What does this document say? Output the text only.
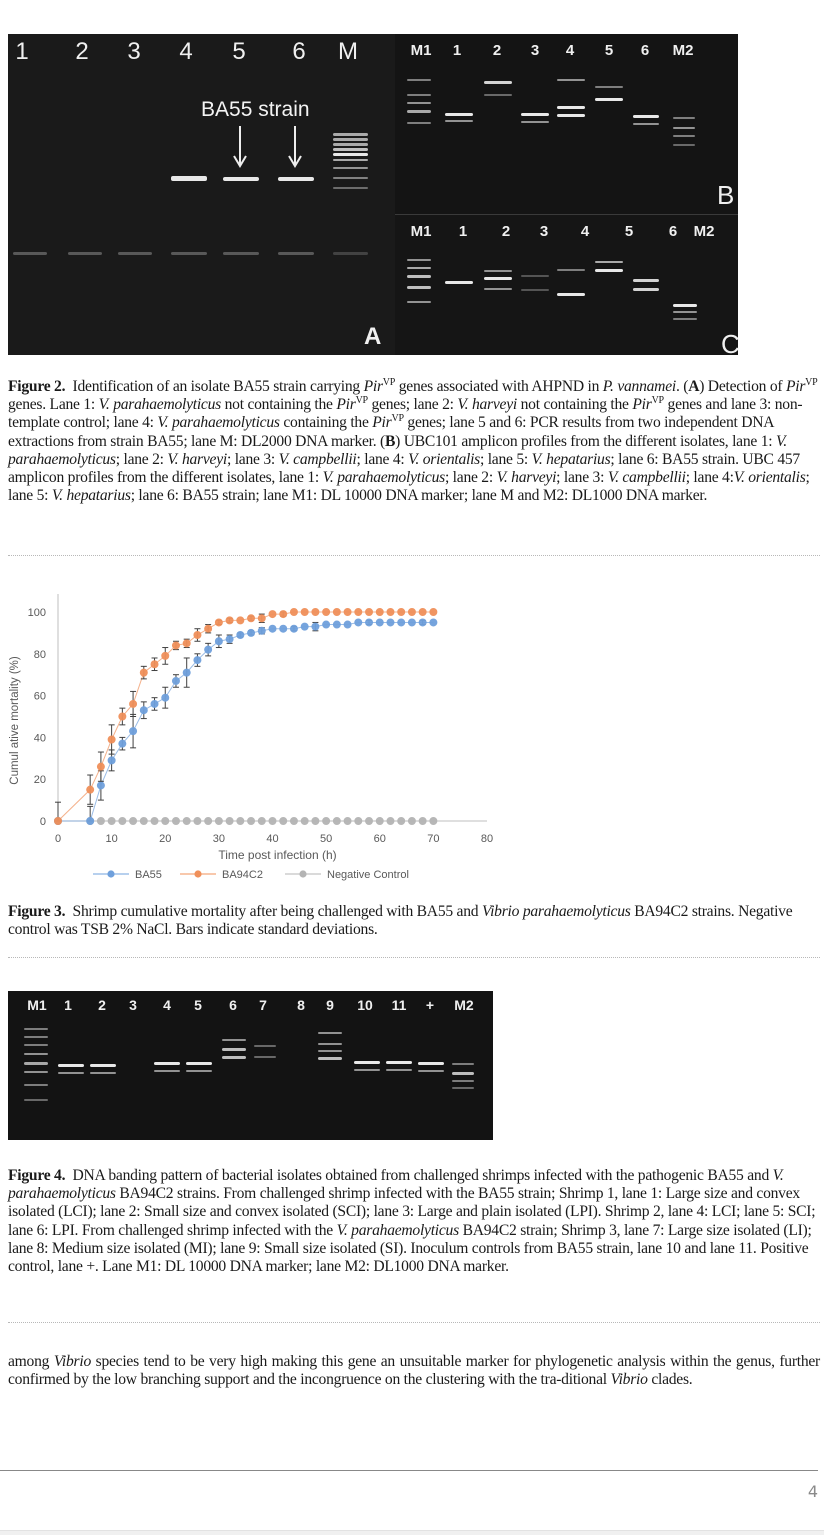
1	2	3	4	5	6	M
BA55 strain
A
M1	1	2	3	4	5	6	M2
B
M1	1	2	3	4	5	6	M2
C
Figure 2. Identification of an isolate BA55 strain carrying Pir$^{VP}$ genes associated with AHPND in P. vannamei. (A) Detection of Pir$^{VP}$ genes. Lane 1: V. parahaemolyticus not containing the Pir$^{VP}$ genes; lane 2: V. harveyi not containing the Pir$^{VP}$ genes and lane 3: non-template control; lane 4: V. parahaemolyticus containing the Pir$^{VP}$ genes; lane 5 and 6: PCR results from two independent DNA extractions from strain BA55; lane M: DL2000 DNA marker. (B) UBC101 amplicon profiles from the different isolates, lane 1: V. parahaemolyticus; lane 2: V. harveyi; lane 3: V. campbellii; lane 4: V. orientalis; lane 5: V. hepatarius; lane 6: BA55 strain. UBC 457 amplicon profiles from the different isolates, lane 1: V. parahaemolyticus; lane 2: V. harveyi; lane 3: V. campbellii; lane 4:V. orientalis; lane 5: V. hepatarius; lane 6: BA55 strain; lane M1: DL 10000 DNA marker; lane M and M2: DL1000 DNA marker.
0
20
40
60
80
100
0	10	20	30	40	50	60	70	80
Time post infection (h)
Cumul ative mortality (%)
BA55	BA94C2	Negative Control
Figure 3. Shrimp cumulative mortality after being challenged with BA55 and Vibrio parahaemolyticus BA94C2 strains. Negative control was TSB 2% NaCl. Bars indicate standard deviations.
M1	1	2	3	4	5	6	7	8	9	10	11	+	M2
Figure 4. DNA banding pattern of bacterial isolates obtained from challenged shrimps infected with the pathogenic BA55 and V. parahaemolyticus BA94C2 strains. From challenged shrimp infected with the BA55 strain; Shrimp 1, lane 1: Large size and convex isolated (LCI); lane 2: Small size and convex isolated (SCI); lane 3: Large and plain isolated (LPI). Shrimp 2, lane 4: LCI; lane 5: SCI; lane 6: LPI. From challenged shrimp infected with the V. parahaemolyticus BA94C2 strain; Shrimp 3, lane 7: Large size isolated (LI); lane 8: Medium size isolated (MI); lane 9: Small size isolated (SI). Inoculum controls from BA55 strain, lane 10 and lane 11. Positive control, lane +. Lane M1: DL 10000 DNA marker; lane M2: DL1000 DNA marker.
among Vibrio species tend to be very high making this gene an unsuitable marker for phylogenetic analysis within the genus, further confirmed by the low branching support and the incongruence on the clustering with the tra-ditional Vibrio clades.
4
